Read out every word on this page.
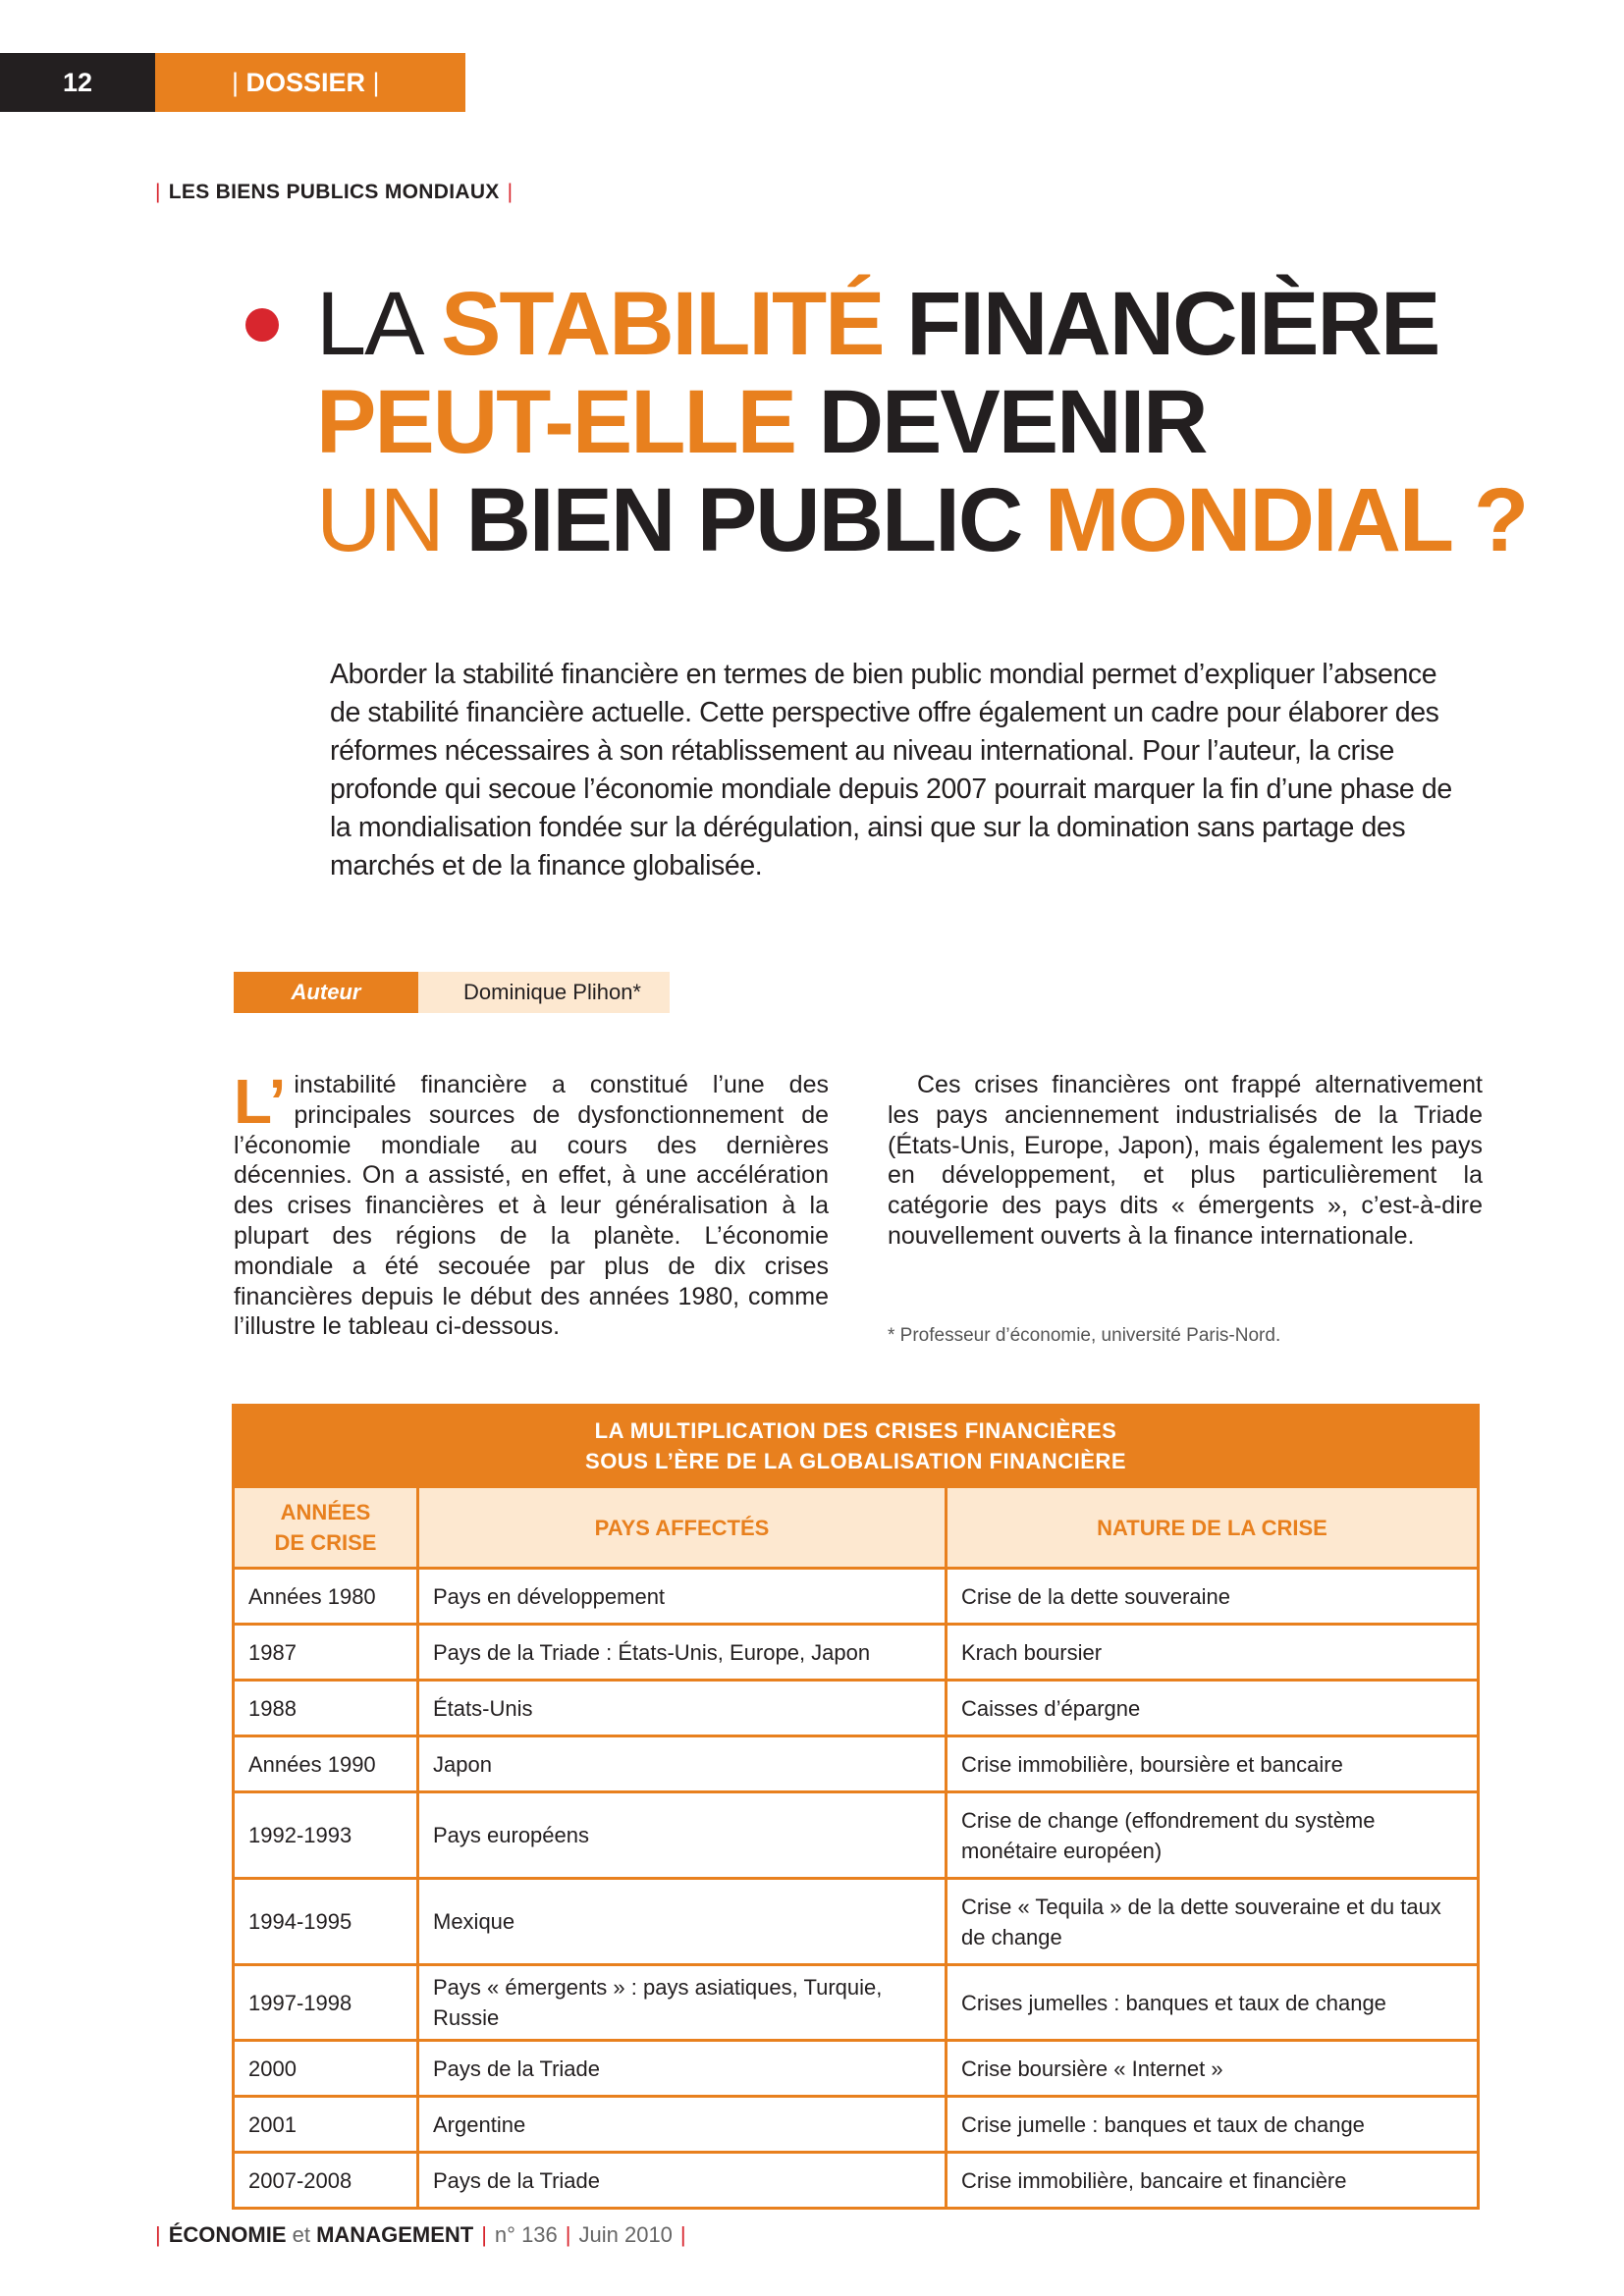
12	| DOSSIER |
| LES BIENS PUBLICS MONDIAUX |
LA STABILITÉ FINANCIÈRE
PEUT-ELLE DEVENIR
UN BIEN PUBLIC MONDIAL ?

Aborder la stabilité financière en termes de bien public mondial permet d’expliquer l’absence de stabilité financière actuelle. Cette perspective offre également un cadre pour élaborer des réformes nécessaires à son rétablissement au niveau international. Pour l’auteur, la crise profonde qui secoue l’économie mondiale depuis 2007 pourrait marquer la fin d’une phase de la mondialisation fondée sur la dérégulation, ainsi que sur la domination sans partage des marchés et de la finance globalisée.

Auteur	Dominique Plihon*
L’ instabilité financière a constitué l’une des principales sources de dysfonctionnement de l’économie mondiale au cours des dernières décennies. On a assisté, en effet, à une accélération des crises financières et à leur généralisation à la plupart des régions de la planète. L’économie mondiale a été secouée par plus de dix crises financières depuis le début des années 1980, comme l’illustre le tableau ci-dessous.
Ces crises financières ont frappé alternativement les pays anciennement industrialisés de la Triade (États-Unis, Europe, Japon), mais également les pays en développement, et plus particulièrement la catégorie des pays dits « émergents », c’est-à-dire nouvellement ouverts à la finance internationale.
* Professeur d’économie, université Paris-Nord.
LA MULTIPLICATION DES CRISES FINANCIÈRES
SOUS L’ÈRE DE LA GLOBALISATION FINANCIÈRE		
ANNÉES
DE CRISE	PAYS AFFECTÉS	NATURE DE LA CRISE
Années 1980	Pays en développement	Crise de la dette souveraine
1987	Pays de la Triade : États-Unis, Europe, Japon	Krach boursier
1988	États-Unis	Caisses d’épargne
Années 1990	Japon	Crise immobilière, boursière et bancaire
1992-1993	Pays européens	Crise de change (effondrement du système monétaire européen)
1994-1995	Mexique	Crise « Tequila » de la dette souveraine et du taux de change
1997-1998	Pays « émergents » : pays asiatiques, Turquie, Russie	Crises jumelles : banques et taux de change
2000	Pays de la Triade	Crise boursière « Internet »
2001	Argentine	Crise jumelle : banques et taux de change
2007-2008	Pays de la Triade	Crise immobilière, bancaire et financière
| ÉCONOMIE et MANAGEMENT | n° 136 | Juin 2010 |
